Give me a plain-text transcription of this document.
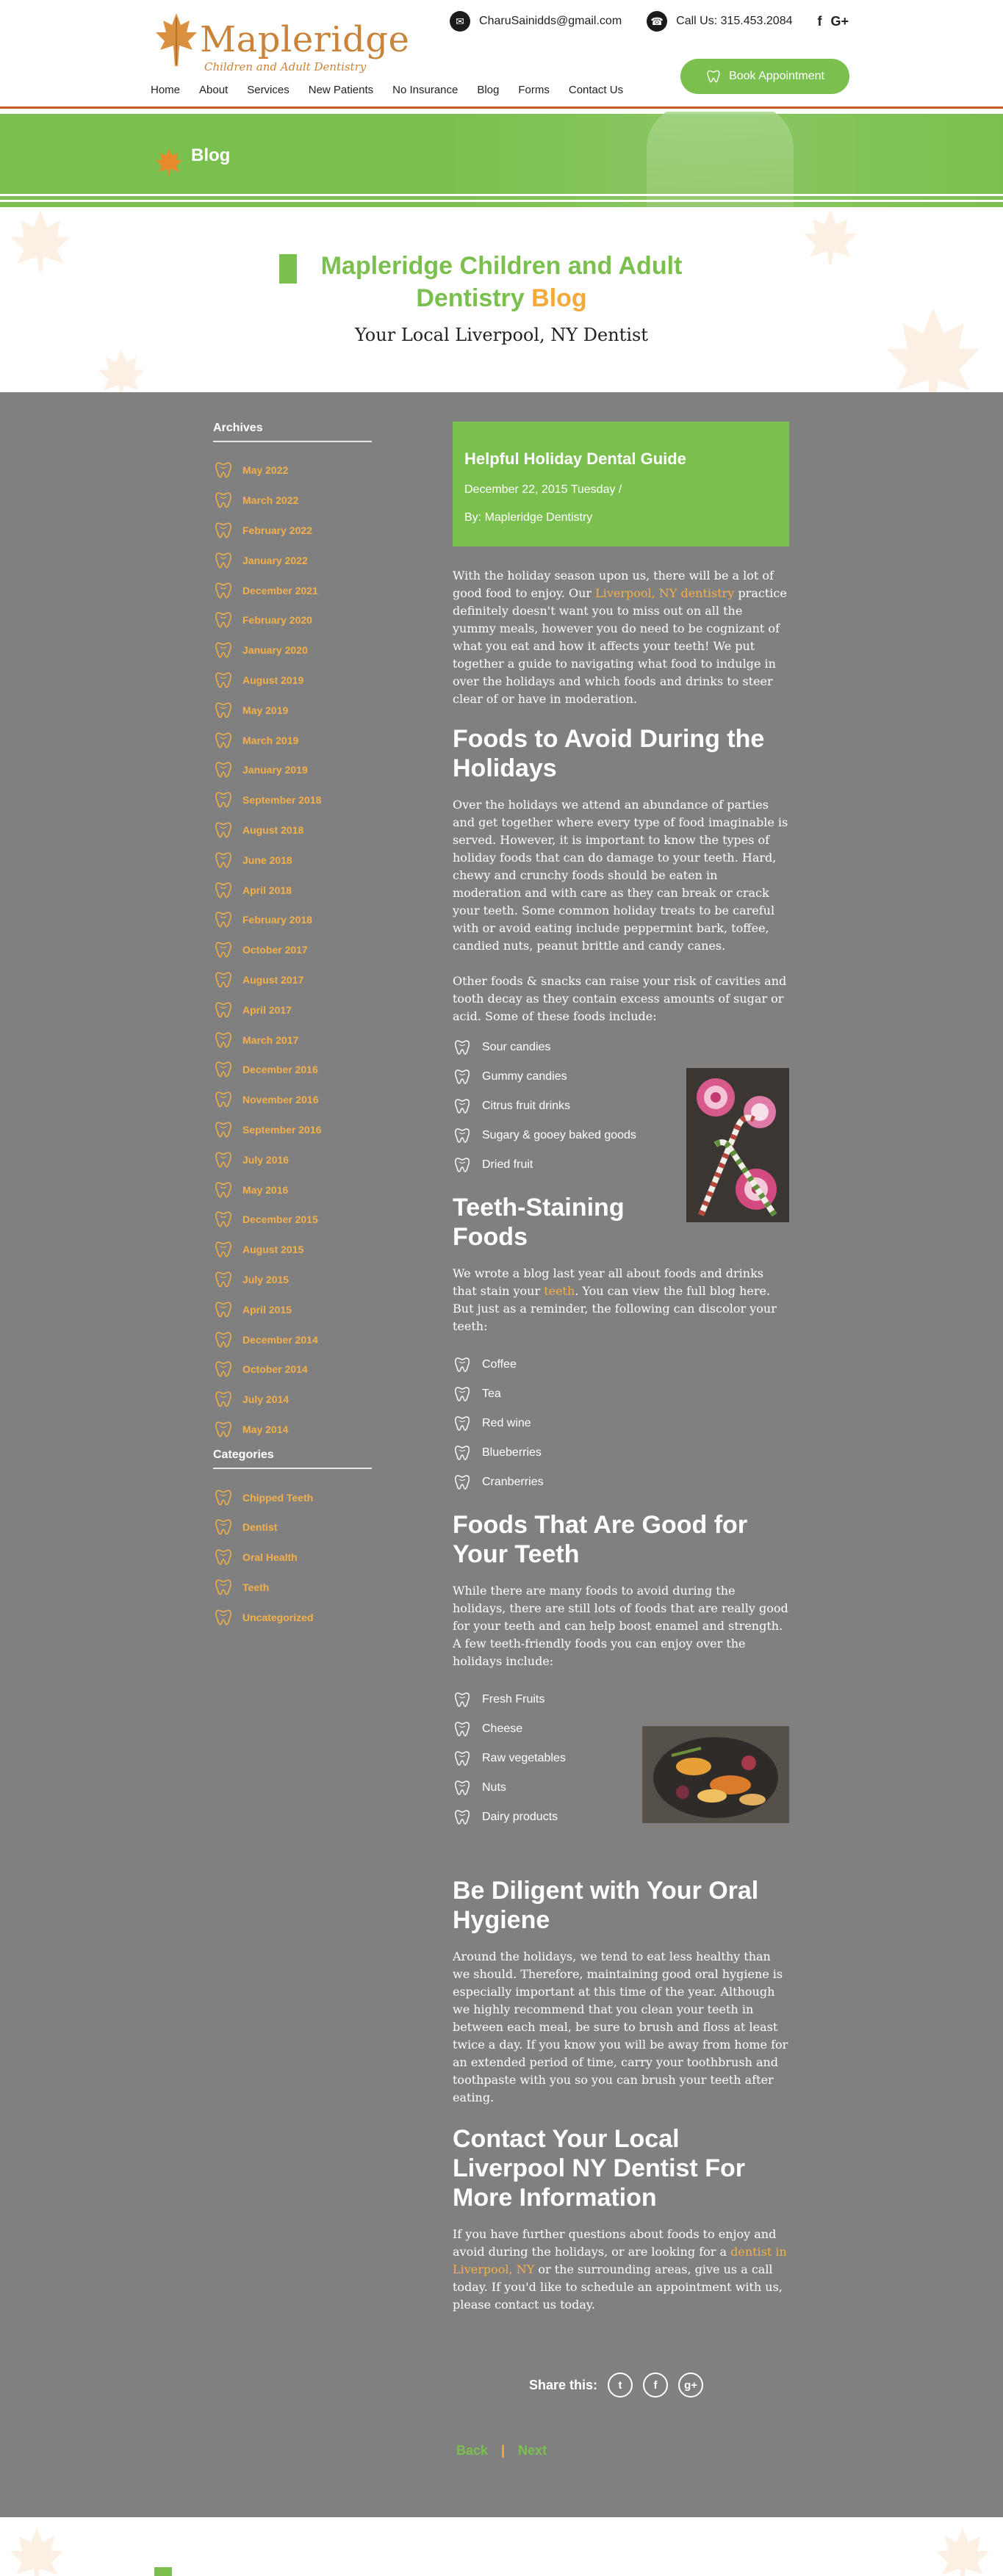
Mapleridge
Children and Adult Dentistry
✉	CharuSainidds@gmail.com	☎	Call Us: 315.453.2084 f G+
Home About Services New Patients No Insurance Blog Forms Contact Us
Book Appointment
Blog
Mapleridge Children and Adult
Dentistry Blog
Your Local Liverpool, NY Dentist
Archives
May 2022
March 2022
February 2022
January 2022
December 2021
February 2020
January 2020
August 2019
May 2019
March 2019
January 2019
September 2018
August 2018
June 2018
April 2018
February 2018
October 2017
August 2017
April 2017
March 2017
December 2016
November 2016
September 2016
July 2016
May 2016
December 2015
August 2015
July 2015
April 2015
December 2014
October 2014
July 2014
May 2014
Categories
Chipped Teeth
Dentist
Oral Health
Teeth
Uncategorized
Helpful Holiday Dental Guide
December 22, 2015 Tuesday /
By: Mapleridge Dentistry
With the holiday season upon us, there will be a lot of good food to enjoy. Our Liverpool, NY dentistry practice definitely doesn't want you to miss out on all the yummy meals, however you do need to be cognizant of what you eat and how it affects your teeth! We put together a guide to navigating what food to indulge in over the holidays and which foods and drinks to steer clear of or have in moderation.
Foods to Avoid During the Holidays
Over the holidays we attend an abundance of parties and get together where every type of food imaginable is served. However, it is important to know the types of holiday foods that can do damage to your teeth. Hard, chewy and crunchy foods should be eaten in moderation and with care as they can break or crack your teeth. Some common holiday treats to be careful with or avoid eating include peppermint bark, toffee, candied nuts, peanut brittle and candy canes.
Other foods & snacks can raise your risk of cavities and tooth decay as they contain excess amounts of sugar or acid. Some of these foods include:
Sour candies
Gummy candies
Citrus fruit drinks
Sugary & gooey baked goods
Dried fruit
Teeth-Staining Foods
We wrote a blog last year all about foods and drinks that stain your teeth. You can view the full blog here. But just as a reminder, the following can discolor your teeth:
Coffee
Tea
Red wine
Blueberries
Cranberries
Foods That Are Good for Your Teeth
While there are many foods to avoid during the holidays, there are still lots of foods that are really good for your teeth and can help boost enamel and strength. A few teeth-friendly foods you can enjoy over the holidays include:
Fresh Fruits
Cheese
Raw vegetables
Nuts
Dairy products
Be Diligent with Your Oral Hygiene
Around the holidays, we tend to eat less healthy than we should. Therefore, maintaining good oral hygiene is especially important at this time of the year. Although we highly recommend that you clean your teeth in between each meal, be sure to brush and floss at least twice a day. If you know you will be away from home for an extended period of time, carry your toothbrush and toothpaste with you so you can brush your teeth after eating.
Contact Your Local Liverpool NY Dentist For More Information
If you have further questions about foods to enjoy and avoid during the holidays, or are looking for a dentist in Liverpool, NY or the surrounding areas, give us a call today. If you'd like to schedule an appointment with us, please contact us today.
Share this:	t	f	g+
Back | Next
